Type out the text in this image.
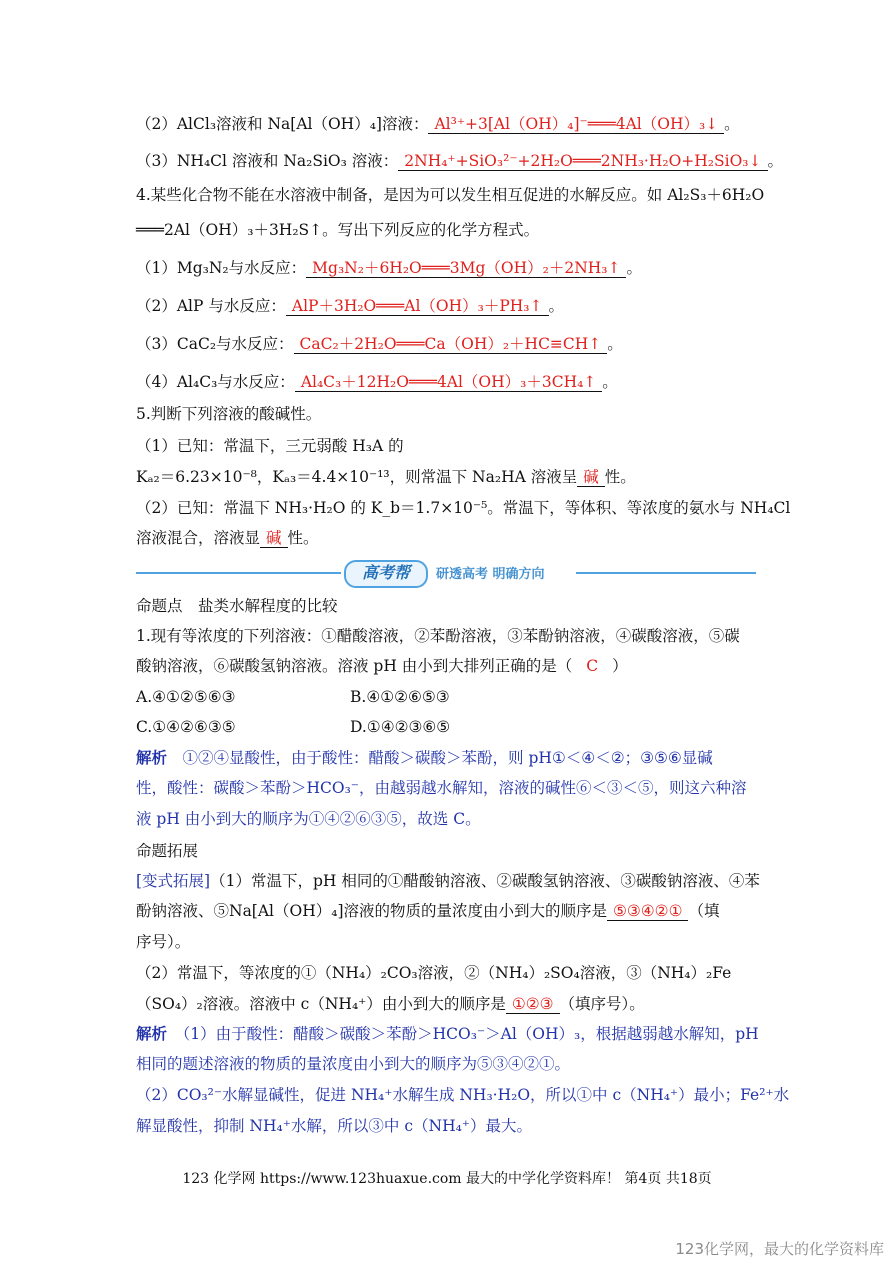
（2）AlCl₃溶液和 Na[Al（OH）₄]溶液： Al³⁺+3[Al（OH）₄]⁻═══4Al（OH）₃↓ 。
（3）NH₄Cl 溶液和 Na₂SiO₃ 溶液： 2NH₄⁺+SiO₃²⁻+2H₂O═══2NH₃·H₂O+H₂SiO₃↓ 。
4.某些化合物不能在水溶液中制备，是因为可以发生相互促进的水解反应。如 Al₂S₃＋6H₂O
═══2Al（OH）₃＋3H₂S↑。写出下列反应的化学方程式。
（1）Mg₃N₂与水反应： Mg₃N₂＋6H₂O═══3Mg（OH）₂＋2NH₃↑ 。
（2）AlP 与水反应： AlP＋3H₂O═══Al（OH）₃＋PH₃↑ 。
（3）CaC₂与水反应： CaC₂＋2H₂O═══Ca（OH）₂＋HC≡CH↑ 。
（4）Al₄C₃与水反应： Al₄C₃＋12H₂O═══4Al（OH）₃＋3CH₄↑ 。
5.判断下列溶液的酸碱性。
（1）已知：常温下，三元弱酸 H₃A 的
Kₐ₂＝6.23×10⁻⁸，Kₐ₃＝4.4×10⁻¹³，则常温下 Na₂HA 溶液呈 碱 性。
（2）已知：常温下 NH₃·H₂O 的 K_b＝1.7×10⁻⁵。常温下，等体积、等浓度的氨水与 NH₄Cl
溶液混合，溶液显 碱 性。
高考帮	研透高考 明确方向
命题点　盐类水解程度的比较
1.现有等浓度的下列溶液：①醋酸溶液，②苯酚溶液，③苯酚钠溶液，④碳酸溶液，⑤碳
酸钠溶液，⑥碳酸氢钠溶液。溶液 pH 由小到大排列正确的是（ C ）
A.④①②⑤⑥③	B.④①②⑥⑤③
C.①④②⑥③⑤	D.①④②③⑥⑤
解析　 ①②④显酸性，由于酸性：醋酸＞碳酸＞苯酚，则 pH①＜④＜②；③⑤⑥显碱
性，酸性：碳酸＞苯酚＞HCO₃⁻，由越弱越水解知，溶液的碱性⑥＜③＜⑤，则这六种溶
液 pH 由小到大的顺序为①④②⑥③⑤，故选 C。
命题拓展
[变式拓展]（1）常温下，pH 相同的①醋酸钠溶液、②碳酸氢钠溶液、③碳酸钠溶液、④苯
酚钠溶液、⑤Na[Al（OH）₄]溶液的物质的量浓度由小到大的顺序是 ⑤③④②① （填
序号）。
（2）常温下，等浓度的①（NH₄）₂CO₃溶液，②（NH₄）₂SO₄溶液，③（NH₄）₂Fe
（SO₄）₂溶液。溶液中 c（NH₄⁺）由小到大的顺序是 ①②③ （填序号）。
解析　 （1）由于酸性：醋酸＞碳酸＞苯酚＞HCO₃⁻＞Al（OH）₃，根据越弱越水解知，pH
相同的题述溶液的物质的量浓度由小到大的顺序为⑤③④②①。
（2）CO₃²⁻水解显碱性，促进 NH₄⁺水解生成 NH₃·H₂O，所以①中 c（NH₄⁺）最小；Fe²⁺水
解显酸性，抑制 NH₄⁺水解，所以③中 c（NH₄⁺）最大。
123 化学网 https://www.123huaxue.com 最大的中学化学资料库！ 第4页 共18页
123化学网，最大的化学资料库
